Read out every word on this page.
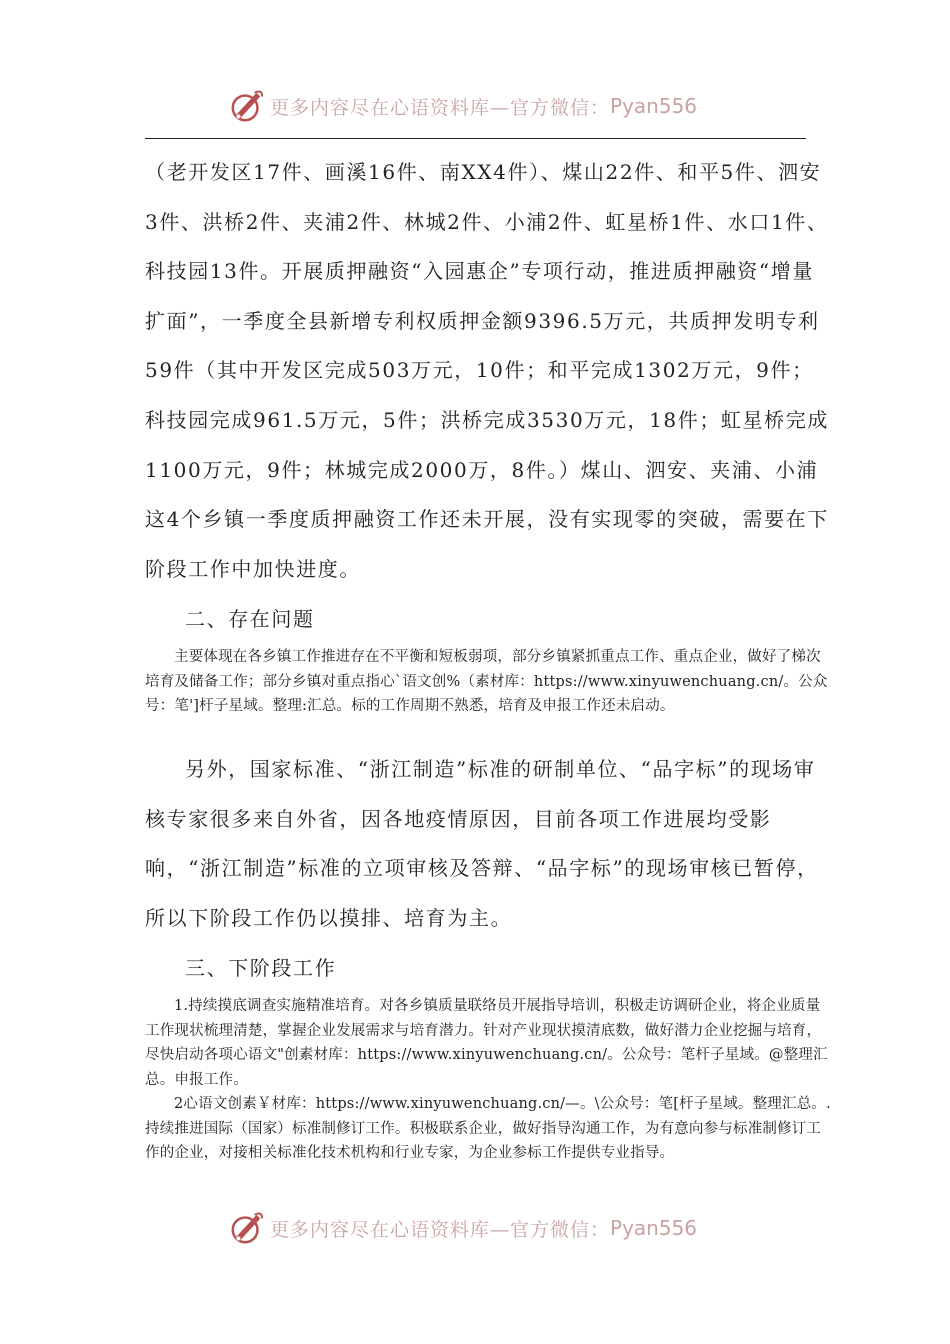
更多内容尽在心语资料库—官方微信： Pyan556

（老开发区17件、画溪16件、南XX4件）、煤山22件、和平5件、泗安3件、洪桥2件、夹浦2件、林城2件、小浦2件、虹星桥1件、水口1件、科技园13件。开展质押融资“入园惠企”专项行动，推进质押融资“增量扩面”，一季度全县新增专利权质押金额9396.5万元，共质押发明专利59件（其中开发区完成503万元，10件；和平完成1302万元，9件；科技园完成961.5万元，5件；洪桥完成3530万元，18件；虹星桥完成1100万元，9件；林城完成2000万，8件。）煤山、泗安、夹浦、小浦这4个乡镇一季度质押融资工作还未开展，没有实现零的突破，需要在下阶段工作中加快进度。

二、存在问题

主要体现在各乡镇工作推进存在不平衡和短板弱项，部分乡镇紧抓重点工作、重点企业，做好了梯次培育及储备工作；部分乡镇对重点指心`语文创%（素材库：https://www.xinyuwenchuang.cn/。公众号：笔']杆子星域。整理:汇总。标的工作周期不熟悉，培育及申报工作还未启动。

另外，国家标准、“浙江制造”标准的研制单位、“品字标”的现场审核专家很多来自外省，因各地疫情原因，目前各项工作进展均受影响，“浙江制造”标准的立项审核及答辩、“品字标”的现场审核已暂停，所以下阶段工作仍以摸排、培育为主。

三、下阶段工作

1.持续摸底调查实施精准培育。对各乡镇质量联络员开展指导培训，积极走访调研企业，将企业质量工作现状梳理清楚，掌握企业发展需求与培育潜力。针对产业现状摸清底数，做好潜力企业挖掘与培育，尽快启动各项心语文"创素材库：https://www.xinyuwenchuang.cn/。公众号：笔杆子星域。@整理汇总。申报工作。

2心语文创素￥材库：https://www.xinyuwenchuang.cn/—。\公众号：笔[杆子星域。整理汇总。.持续推进国际（国家）标准制修订工作。积极联系企业，做好指导沟通工作，为有意向参与标准制修订工作的企业，对接相关标准化技术机构和行业专家，为企业参标工作提供专业指导。

更多内容尽在心语资料库—官方微信： Pyan556
